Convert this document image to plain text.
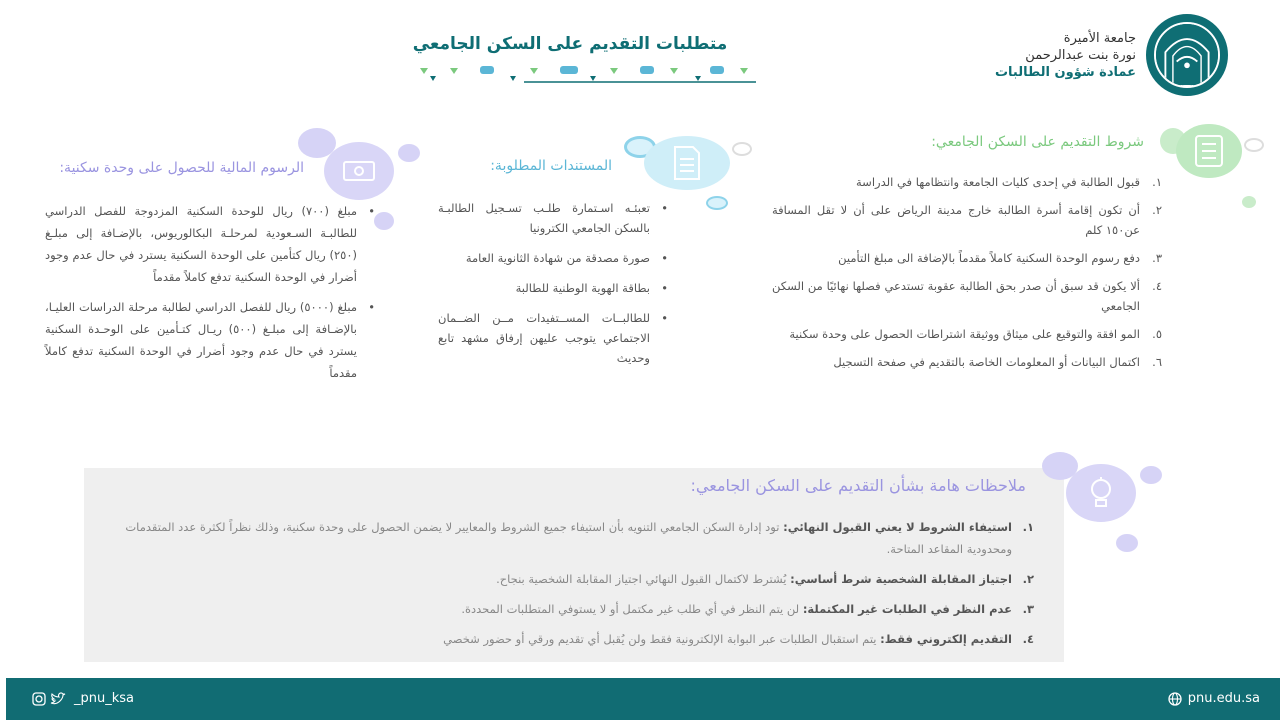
جامعة الأميرة
نورة بنت عبدالرحمن
عمادة شؤون الطالبات
متطلبات التقديم على السكن الجامعي
شروط التقديم على السكن الجامعي:
١.
قبول الطالبة في إحدى كليات الجامعة وانتظامها في الدراسة
٢.
أن تكون إقامة أسرة الطالبة خارج مدينة الرياض على أن لا تقل المسافة عن١٥٠ كلم
٣.
دفع رسوم الوحدة السكنية كاملاً مقدماً بالإضافة الى مبلغ التأمين
٤.
ألا يكون قد سبق أن صدر بحق الطالبة عقوبة تستدعي فصلها نهائيًا من السكن الجامعي
٥.
المو افقة والتوقيع على ميثاق ووثيقة اشتراطات الحصول على وحدة سكنية
٦.
اكتمال البيانات أو المعلومات الخاصة بالتقديم في صفحة التسجيل
المستندات المطلوبة:
• تعبئـه اسـتمارة طلـب تسـجيل الطالبـة بالسكن الجامعي الكترونيا
• صورة مصدقة من شهادة الثانوية العامة
• بطاقة الهوية الوطنية للطالبة
• للطالبــات المســتفيدات مــن الضــمان الاجتماعي يتوجب عليهن إرفاق مشهد تابع وحديث
الرسوم المالية للحصول على وحدة سكنية:
• مبلغ (٧٠٠) ريال للوحدة السكنية المزدوجة للفصل الدراسي للطالبـة السـعودية لمرحلـة البكالوريوس، بالإضـافة إلى مبلـغ (٢٥٠) ريال كتأمين على الوحدة السكنية يسترد في حال عدم وجود أضرار في الوحدة السكنية تدفع كاملاً مقدماً
• مبلغ (٥٠٠٠) ريال للفصل الدراسي لطالبة مرحلة الدراسات العليـا، بالإضـافة إلى مبلـغ (٥٠٠) ريـال كتـأمين على الوحـدة السكنية يسترد في حال عدم وجود أضرار في الوحدة السكنية تدفع كاملاً مقدماً
ملاحظات هامة بشأن التقديم على السكن الجامعي:
١.
استيفاء الشروط لا يعني القبول النهائي: تود إدارة السكن الجامعي التنويه بأن استيفاء جميع الشروط والمعايير لا يضمن الحصول على وحدة سكنية، وذلك نظراً لكثرة عدد المتقدمات ومحدودية المقاعد المتاحة.
٢.
اجتياز المقابلة الشخصية شرط أساسي: يُشترط لاكتمال القبول النهائي اجتياز المقابلة الشخصية بنجاح.
٣.
عدم النظر في الطلبات غير المكتملة: لن يتم النظر في أي طلب غير مكتمل أو لا يستوفي المتطلبات المحددة.
٤.
التقديم إلكتروني فقط: يتم استقبال الطلبات عبر البوابة الإلكترونية فقط ولن يُقبل أي تقديم ورقي أو حضور شخصي
pnu.edu.sa
_pnu_ksa
